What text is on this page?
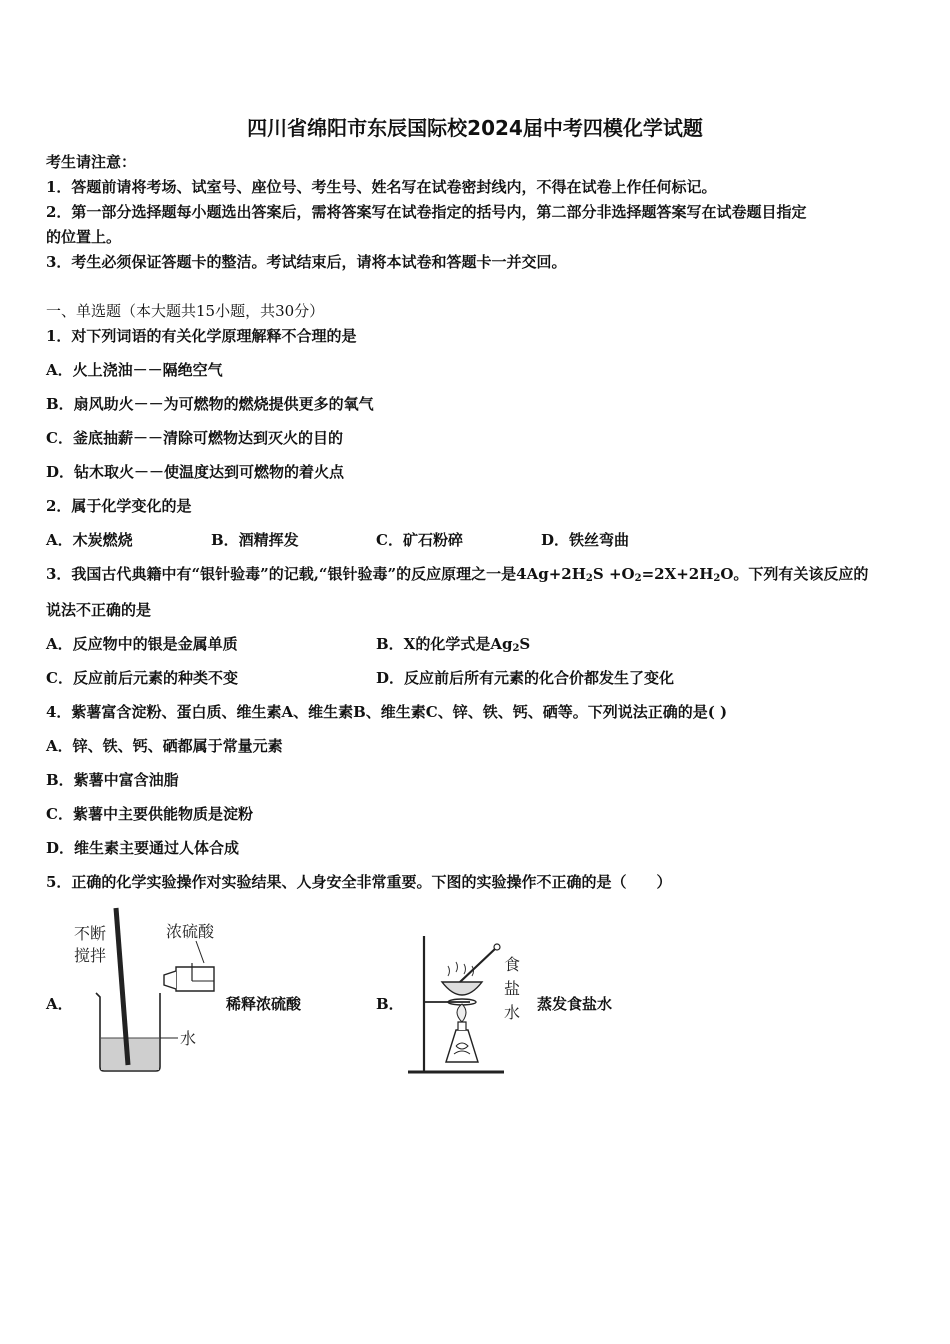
四川省绵阳市东辰国际校2024届中考四模化学试题
考生请注意：
1．答题前请将考场、试室号、座位号、考生号、姓名写在试卷密封线内，不得在试卷上作任何标记。
2．第一部分选择题每小题选出答案后，需将答案写在试卷指定的括号内，第二部分非选择题答案写在试卷题目指定
的位置上。
3．考生必须保证答题卡的整洁。考试结束后，请将本试卷和答题卡一并交回。
一、单选题（本大题共15小题，共30分）
1．对下列词语的有关化学原理解释不合理的是
A．火上浇油－－隔绝空气
B．扇风助火－－为可燃物的燃烧提供更多的氧气
C．釜底抽薪－－清除可燃物达到灭火的目的
D．钻木取火－－使温度达到可燃物的着火点
2．属于化学变化的是
A．木炭燃烧	B．酒精挥发	C．矿石粉碎	D．铁丝弯曲
3．我国古代典籍中有“银针验毒”的记载,“银针验毒”的反应原理之一是$4Ag+2H_2S +O_2=2X+2H_2O$。下列有关该反应的
说法不正确的是
A．反应物中的银是金属单质	B．X的化学式是$Ag_2S$
C．反应前后元素的种类不变	D．反应前后所有元素的化合价都发生了变化
4．紫薯富含淀粉、蛋白质、维生素A、维生素B、维生素C、锌、铁、钙、硒等。下列说法正确的是( )
A．锌、铁、钙、硒都属于常量元素
B．紫薯中富含油脂
C．紫薯中主要供能物质是淀粉
D．维生素主要通过人体合成
5．正确的化学实验操作对实验结果、人身安全非常重要。下图的实验操作不正确的是（　　）
A．
不断
搅拌
浓硫酸
水
稀释浓硫酸	B．
食
盐
水 蒸发食盐水
